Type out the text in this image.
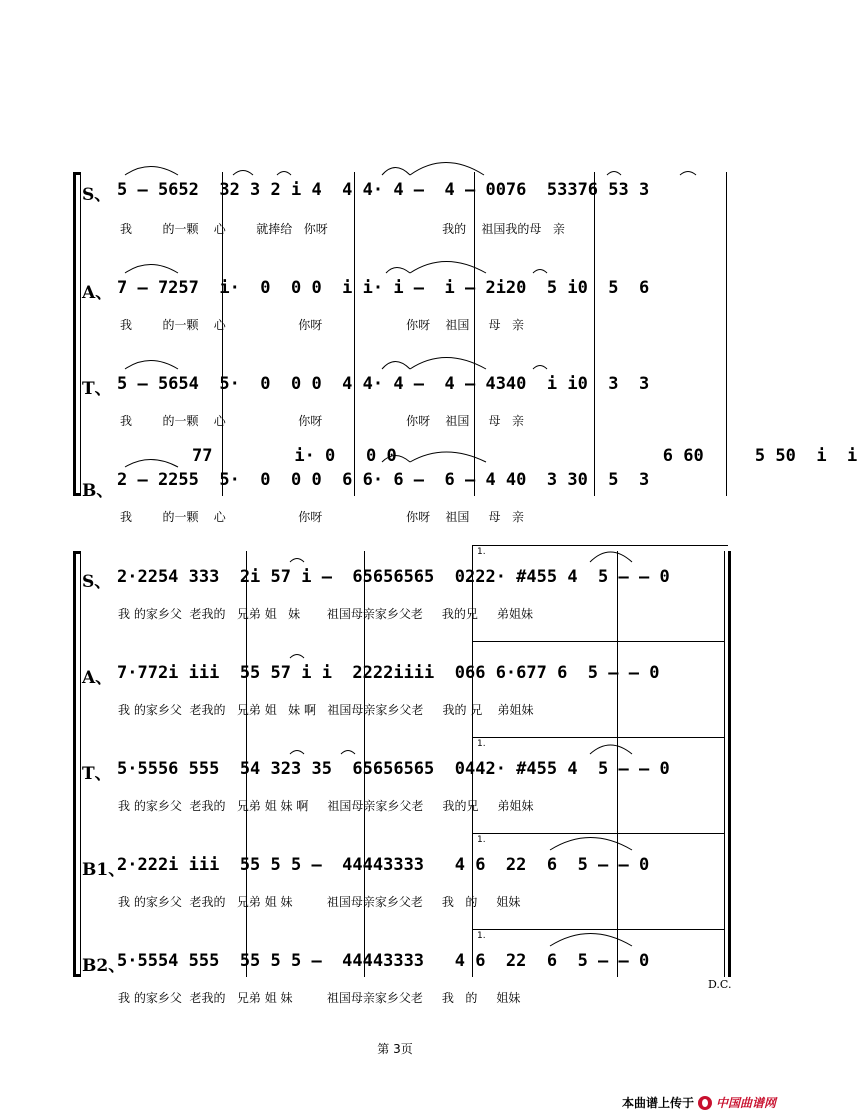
S、 5 — 5652  32 3 2 i 4  4 4· 4 —  4 — 0076  53376 53 3
我        的一颗    心        就捧给   你呀                              我的    祖国我的母   亲
A、 7 — 7257  i·  0  0 0  i i· i —  i — 2i20  5 i0  5  6
我        的一颗    心                   你呀                      你呀    祖国     母   亲
T、 5 — 5654  5·  0  0 0  4 4· 4 —  4 — 4340  i i0  3  3
我        的一颗    心                   你呀                      你呀    祖国     母   亲
77        i· 0   0 0                          6 60     5 50  i  i
B、
2 — 2255  5·  0  0 0  6 6· 6 —  6 — 4 40  3 30  5  3
我        的一颗    心                   你呀                      你呀    祖国     母   亲
1.
1.
1.
1.
S、 2·2254 333  2i 57 i —  65656565  0222· #455 4  5 — — 0
我 的家乡父  老我的   兄弟 姐   妹       祖国母亲家乡父老     我的兄     弟姐妹
A、 7·772i iii  55 57 i i  2222iiii  066 6·677 6  5 — — 0
我 的家乡父  老我的   兄弟 姐   妹 啊   祖国母亲家乡父老     我的 兄    弟姐妹
T、 5·5556 555  54 323 35  65656565  0442· #455 4  5 — — 0
我 的家乡父  老我的   兄弟 姐 妹 啊     祖国母亲家乡父老     我的兄     弟姐妹
B1、
2·222i iii  55 5 5 —  44443333   4 6  22  6  5 — — 0
我 的家乡父  老我的   兄弟 姐 妹         祖国母亲家乡父老     我   的     姐妹
B2、
5·5554 555  55 5 5 —  44443333   4 6  22  6  5 — — 0
我 的家乡父  老我的   兄弟 姐 妹         祖国母亲家乡父老     我   的     姐妹
D.C.
第 3页
本曲谱上传于 中国曲谱网
